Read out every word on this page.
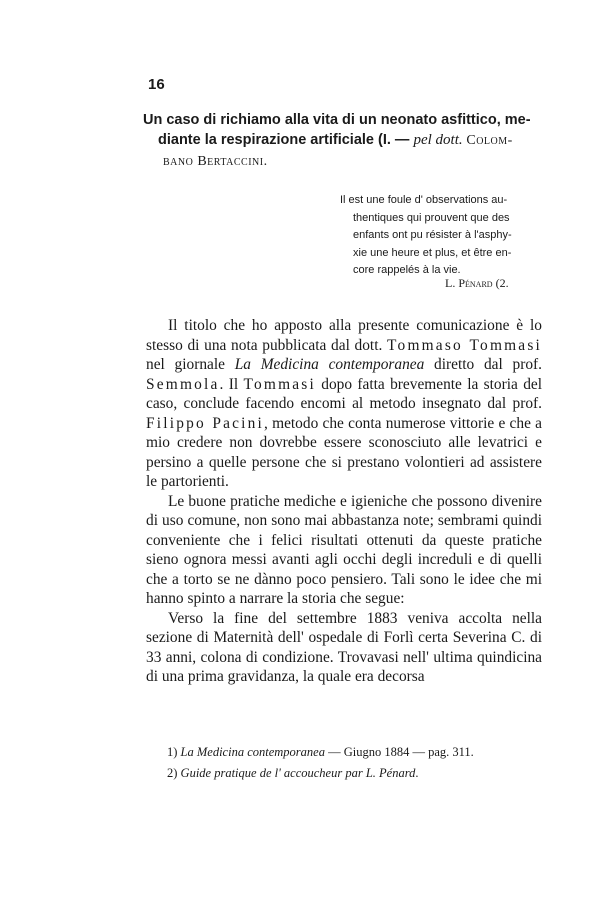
16
Un caso di richiamo alla vita di un neonato asfittico, me-
diante la respirazione artificiale (I. — pel dott. Colom-
bano Bertaccini.
Il est une foule d' observations au-
thentiques qui prouvent que des
enfants ont pu résister à l'asphy-
xie une heure et plus, et être en-
core rappelés à la vie.
L. Pénard (2.

Il titolo che ho apposto alla presente comunicazione è lo stesso di una nota pubblicata dal dott. Tommaso Tommasi nel giornale La Medicina contemporanea diretto dal prof. Semmola. Il Tommasi dopo fatta brevemente la storia del caso, conclude facendo encomi al metodo insegnato dal prof. Filippo Pacini, metodo che conta numerose vittorie e che a mio credere non dovrebbe essere sconosciuto alle levatrici e persino a quelle persone che si prestano volontieri ad assistere le partorienti.

Le buone pratiche mediche e igieniche che possono divenire di uso comune, non sono mai abbastanza note; sembrami quindi conveniente che i felici risultati ottenuti da queste pratiche sieno ognora messi avanti agli occhi degli increduli e di quelli che a torto se ne dànno poco pensiero. Tali sono le idee che mi hanno spinto a narrare la storia che segue:

Verso la fine del settembre 1883 veniva accolta nella sezione di Maternità dell' ospedale di Forlì certa Severina C. di 33 anni, colona di condizione. Trovavasi nell' ultima quindicina di una prima gravidanza, la quale era decorsa

1) La Medicina contemporanea — Giugno 1884 — pag. 311.
2) Guide pratique de l' accoucheur par L. Pénard.
